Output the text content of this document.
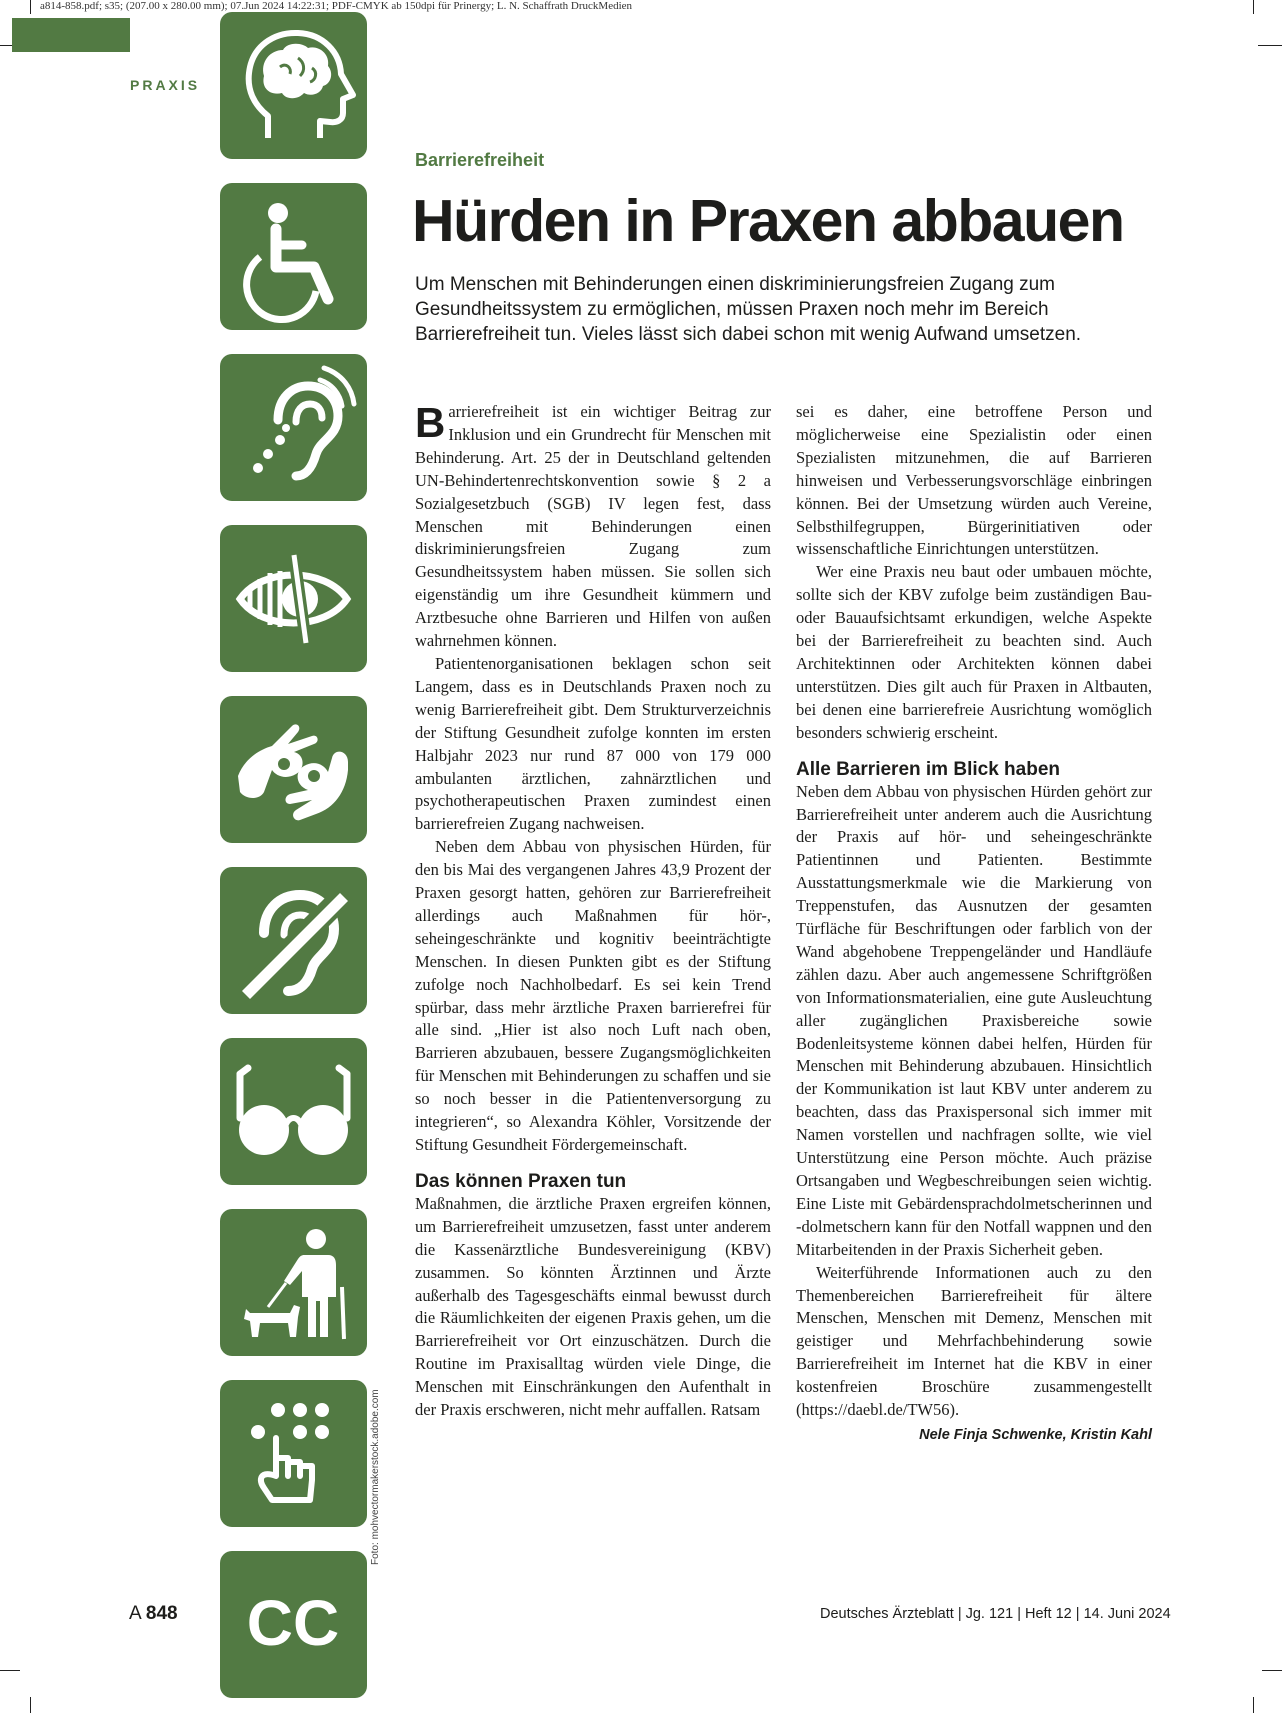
a814-858.pdf; s35; (207.00 x 280.00 mm); 07.Jun 2024 14:22:31; PDF-CMYK ab 150dpi für Prinergy; L. N. Schaffrath DruckMedien
PRAXIS
CC
Barrierefreiheit
Hürden in Praxen abbauen
Um Menschen mit Behinderungen einen diskriminierungsfreien Zugang zum Gesundheitssystem zu ermöglichen, müssen Praxen noch mehr im Bereich Barrierefreiheit tun. Vieles lässt sich dabei schon mit wenig Aufwand umsetzen.

Barrierefreiheit ist ein wichtiger Beitrag zur Inklusion und ein Grundrecht für Menschen mit Behinderung. Art. 25 der in Deutschland geltenden UN-Behindertenrechtskonvention sowie § 2 a Sozialgesetzbuch (SGB) IV legen fest, dass Menschen mit Behinderungen einen diskriminierungsfreien Zugang zum Gesundheitssystem haben müssen. Sie sollen sich eigenständig um ihre Gesundheit kümmern und Arztbesuche ohne Barrieren und Hilfen von außen wahrnehmen können.

Patientenorganisationen beklagen schon seit Langem, dass es in Deutschlands Praxen noch zu wenig Barrierefreiheit gibt. Dem Strukturverzeichnis der Stiftung Gesundheit zufolge konnten im ersten Halbjahr 2023 nur rund 87 000 von 179 000 ambulanten ärztlichen, zahnärztlichen und psychotherapeutischen Praxen zumindest einen barrierefreien Zugang nachweisen.

Neben dem Abbau von physischen Hürden, für den bis Mai des vergangenen Jahres 43,9 Prozent der Praxen gesorgt hatten, gehören zur Barrierefreiheit allerdings auch Maßnahmen für hör-, seheingeschränkte und kognitiv beeinträchtigte Menschen. In diesen Punkten gibt es der Stiftung zufolge noch Nachholbedarf. Es sei kein Trend spürbar, dass mehr ärztliche Praxen barrierefrei für alle sind. „Hier ist also noch Luft nach oben, Barrieren abzubauen, bessere Zugangsmöglichkeiten für Menschen mit Behinderungen zu schaffen und sie so noch besser in die Patientenversorgung zu integrieren“, so Alexandra Köhler, Vorsitzende der Stiftung Gesundheit Fördergemeinschaft.

Das können Praxen tun

Maßnahmen, die ärztliche Praxen ergreifen können, um Barrierefreiheit umzusetzen, fasst unter anderem die Kassenärztliche Bundesvereinigung (KBV) zusammen. So könnten Ärztinnen und Ärzte außerhalb des Tagesgeschäfts einmal bewusst durch die Räumlichkeiten der eigenen Praxis gehen, um die Barrierefreiheit vor Ort einzuschätzen. Durch die Routine im Praxisalltag würden viele Dinge, die Menschen mit Einschränkungen den Aufenthalt in der Praxis erschweren, nicht mehr auffallen. Ratsam

sei es daher, eine betroffene Person und möglicherweise eine Spezialistin oder einen Spezialisten mitzunehmen, die auf Barrieren hinweisen und Verbesserungsvorschläge einbringen können. Bei der Umsetzung würden auch Vereine, Selbsthilfegruppen, Bürgerinitiativen oder wissenschaftliche Einrichtungen unterstützen.

Wer eine Praxis neu baut oder umbauen möchte, sollte sich der KBV zufolge beim zuständigen Bau- oder Bauaufsichtsamt erkundigen, welche Aspekte bei der Barrierefreiheit zu beachten sind. Auch Architektinnen oder Architekten können dabei unterstützen. Dies gilt auch für Praxen in Altbauten, bei denen eine barrierefreie Ausrichtung womöglich besonders schwierig erscheint.

Alle Barrieren im Blick haben

Neben dem Abbau von physischen Hürden gehört zur Barrierefreiheit unter anderem auch die Ausrichtung der Praxis auf hör- und seheingeschränkte Patientinnen und Patienten. Bestimmte Ausstattungsmerkmale wie die Markierung von Treppenstufen, das Ausnutzen der gesamten Türfläche für Beschriftungen oder farblich von der Wand abgehobene Treppengeländer und Handläufe zählen dazu. Aber auch angemessene Schriftgrößen von Informationsmaterialien, eine gute Ausleuchtung aller zugänglichen Praxisbereiche sowie Bodenleitsysteme können dabei helfen, Hürden für Menschen mit Behinderung abzubauen. Hinsichtlich der Kommunikation ist laut KBV unter anderem zu beachten, dass das Praxispersonal sich immer mit Namen vorstellen und nachfragen sollte, wie viel Unterstützung eine Person möchte. Auch präzise Ortsangaben und Wegbeschreibungen seien wichtig. Eine Liste mit Gebärdensprachdolmetscherinnen und -dolmetschern kann für den Notfall wappnen und den Mitarbeitenden in der Praxis Sicherheit geben.

Weiterführende Informationen auch zu den Themenbereichen Barrierefreiheit für ältere Menschen, Menschen mit Demenz, Menschen mit geistiger und Mehrfachbehinderung sowie Barrierefreiheit im Internet hat die KBV in einer kostenfreien Broschüre zusammengestellt (https://daebl.de/TW56).

Nele Finja Schwenke, Kristin Kahl
Foto: mohvectormakerstock.adobe.com
A 848	Deutsches Ärzteblatt | Jg. 121 | Heft 12 | 14. Juni 2024
